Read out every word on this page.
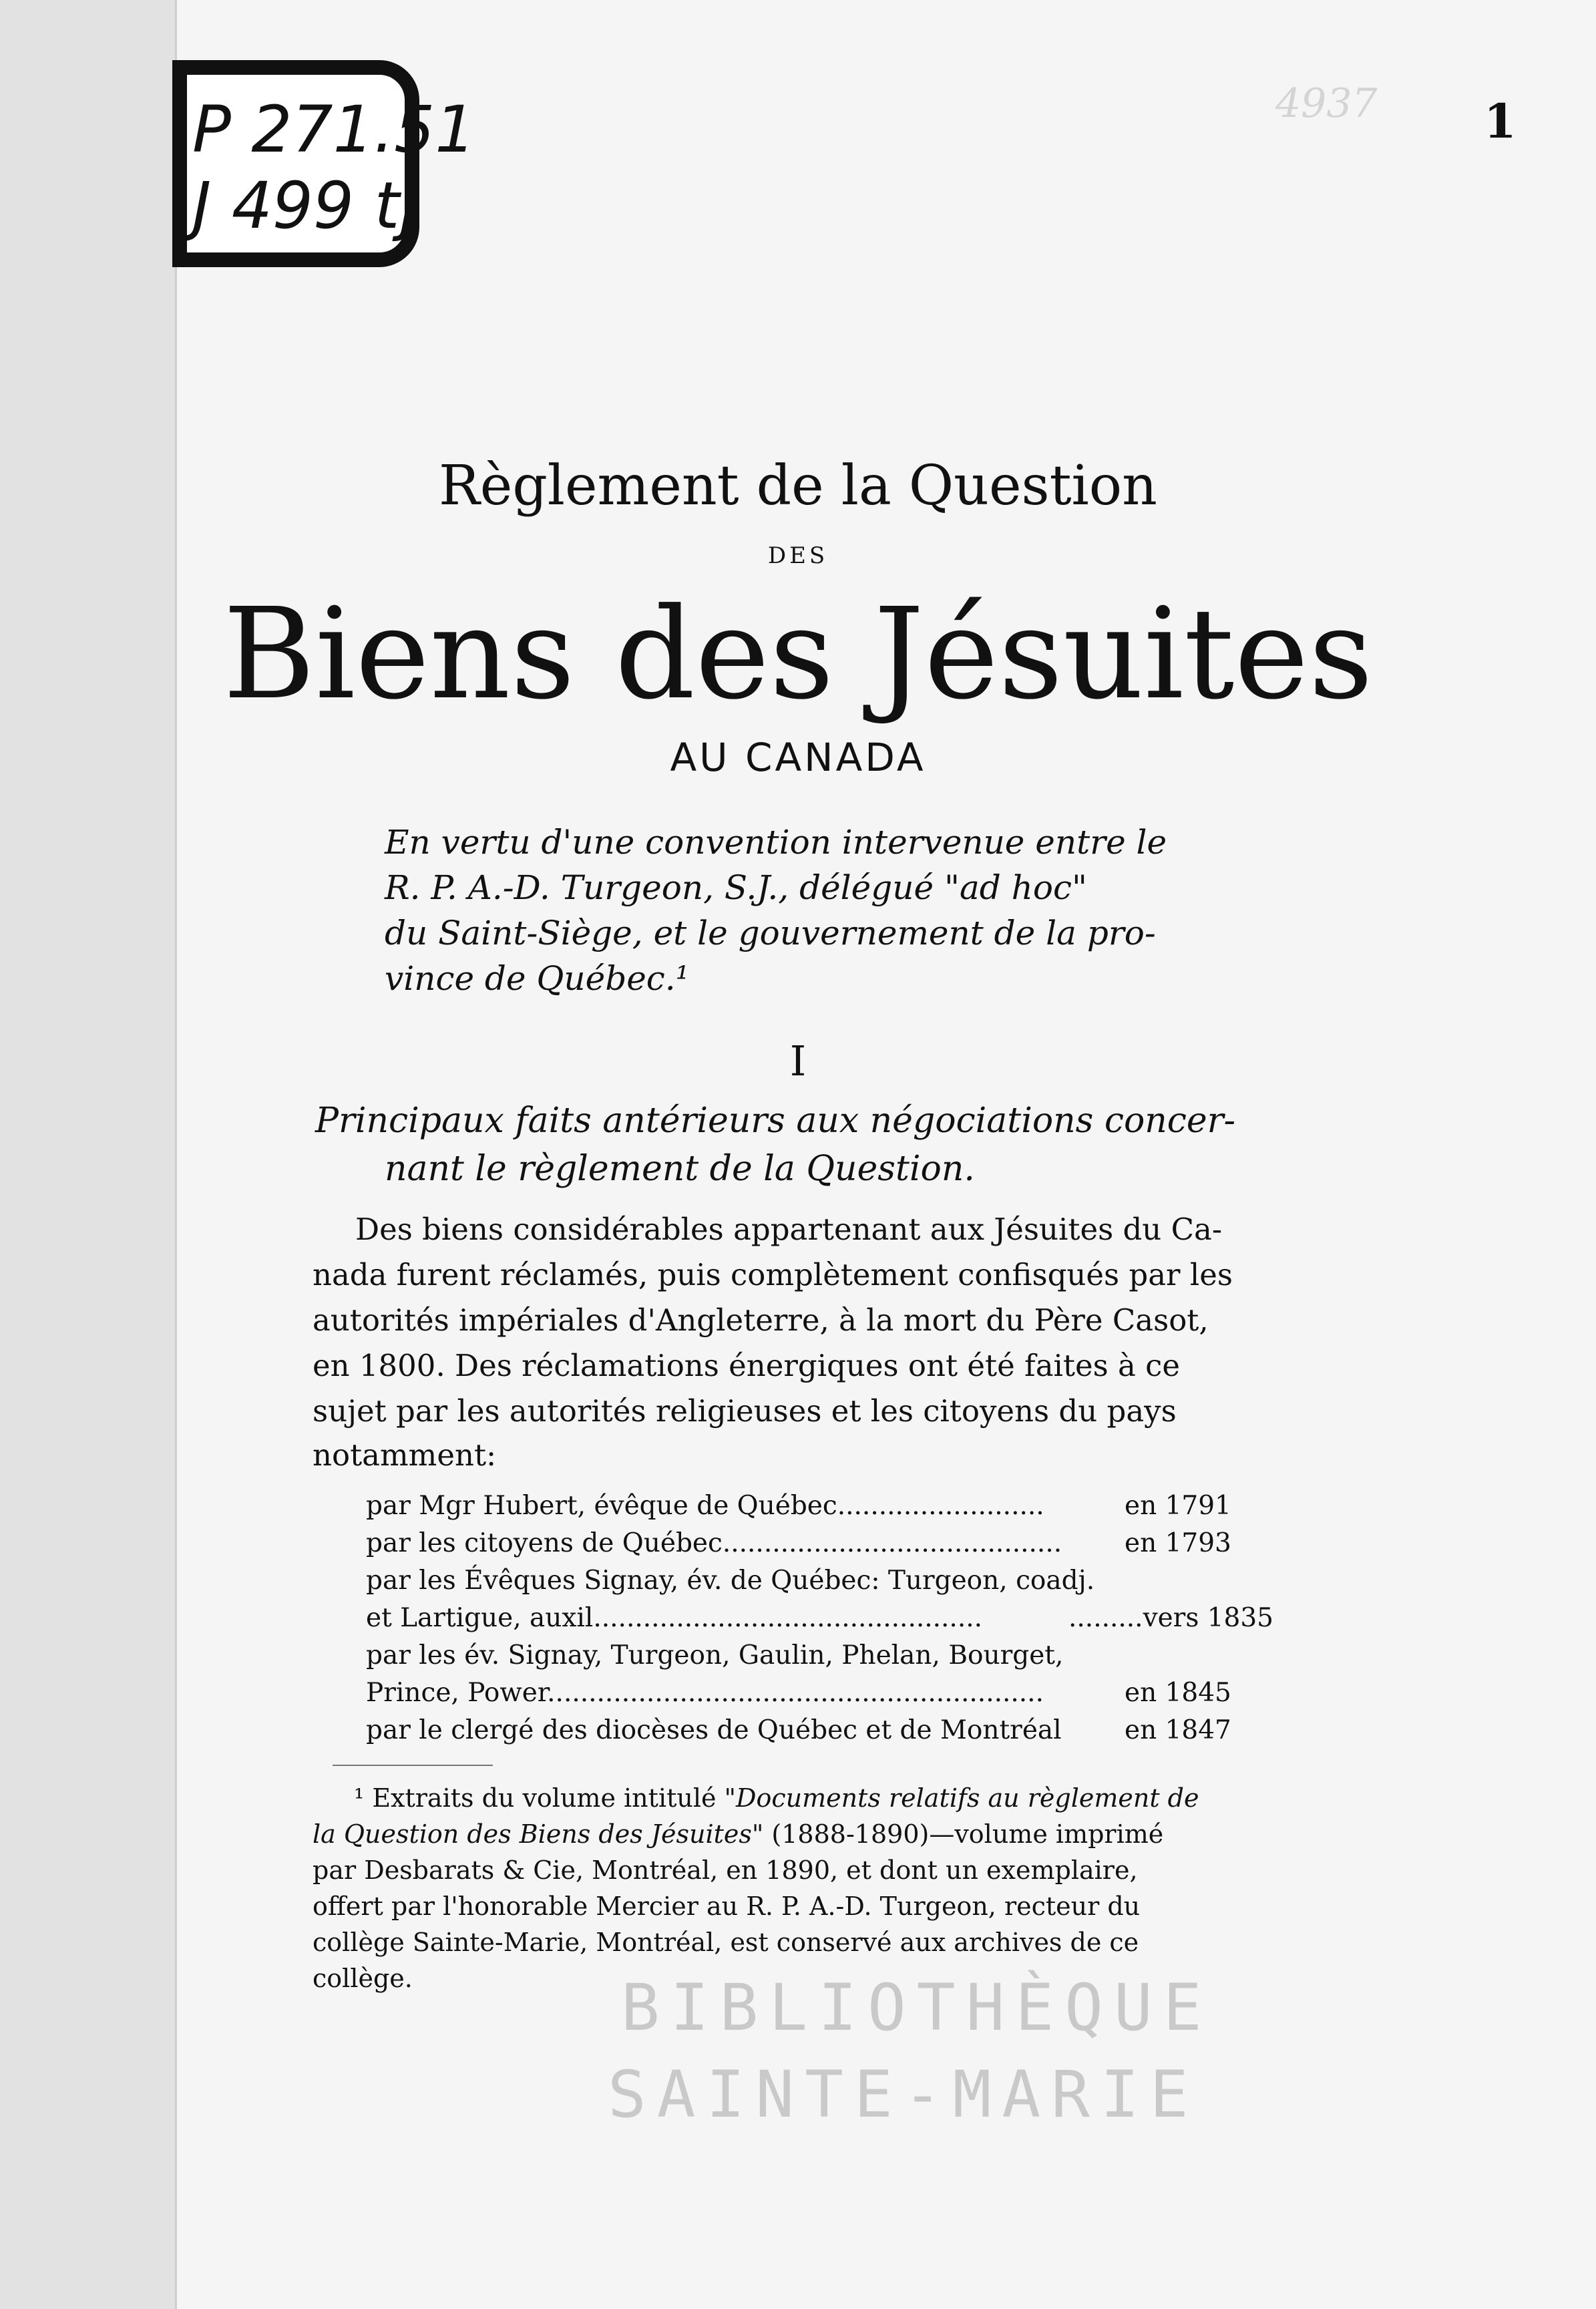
4937 1
P 271.51
J 499 tj
Règlement de la Question
DES
Biens des Jésuites
AU CANADA
En vertu d'une convention intervenue entre le
R. P. A.-D. Turgeon, S.J., délégué "ad hoc"
du Saint-Siège, et le gouvernement de la pro-
vince de Québec.¹
I
Principaux faits antérieurs aux négociations concer-
nant le règlement de la Question.
Des biens considérables appartenant aux Jésuites du Ca-
nada furent réclamés, puis complètement confisqués par les
autorités impériales d'Angleterre, à la mort du Père Casot,
en 1800. Des réclamations énergiques ont été faites à ce
sujet par les autorités religieuses et les citoyens du pays
notamment:
par Mgr Hubert, évêque de Québec.........................	en 1791
par les citoyens de Québec......................................... en 1793
par les Évêques Signay, év. de Québec: Turgeon, coadj.
et Lartigue, auxil...............................................	.........vers 1835
par les év. Signay, Turgeon, Gaulin, Phelan, Bourget,
Prince, Power............................................................	en 1845
par le clergé des diocèses de Québec et de Montréal en 1847
¹ Extraits du volume intitulé "Documents relatifs au règlement de
la Question des Biens des Jésuites" (1888-1890)—volume imprimé
par Desbarats & Cie, Montréal, en 1890, et dont un exemplaire,
offert par l'honorable Mercier au R. P. A.-D. Turgeon, recteur du
collège Sainte-Marie, Montréal, est conservé aux archives de ce
collège.	BIBLIOTHÈQUE
SAINTE-MARIE
